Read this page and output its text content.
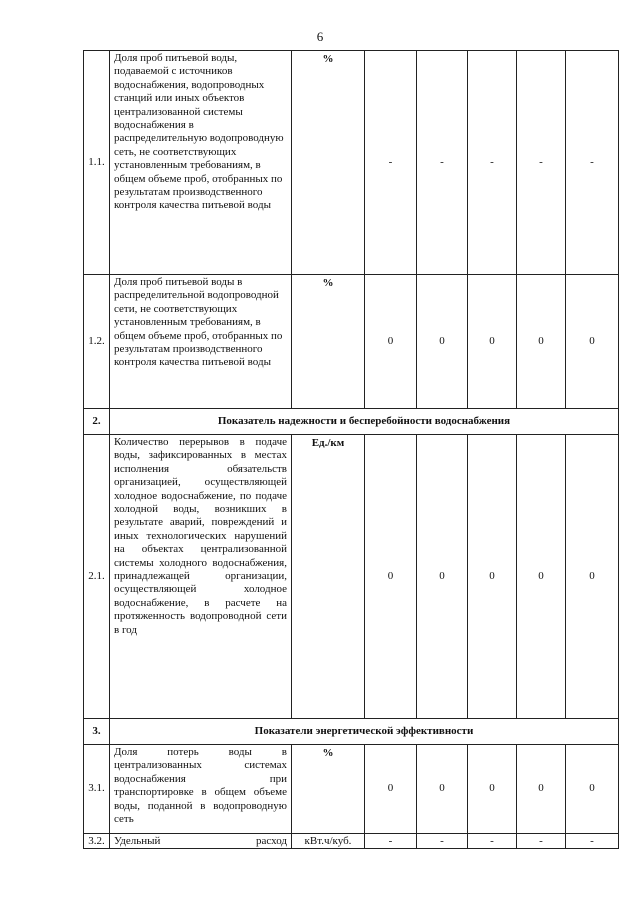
6
1.1.	Доля проб питьевой воды, подаваемой с источников водоснабжения, водопроводных станций или иных объектов централизованной системы водоснабжения в распределительную водопроводную сеть, не соответствующих установленным требованиям, в общем объеме проб, отобранных по результатам производственного контроля качества питьевой воды	%	-	-	-	-	-
1.2.	Доля проб питьевой воды в распределительной водопроводной сети, не соответствующих установленным требованиям, в общем объеме проб, отобранных по результатам производственного контроля качества питьевой воды	%	0	0	0	0	0
2.	Показатель надежности и бесперебойности водоснабжения						
2.1.	Количество перерывов в подаче воды, зафиксированных в местах исполнения обязательств организацией, осуществляющей холодное водоснабжение, по подаче холодной воды, возникших в результате аварий, повреждений и иных технологических нарушений на объектах централизованной системы холодного водоснабжения, принадлежащей организации, осуществляющей холодное водоснабжение, в расчете на протяженность водопроводной сети в год	Ед./км	0	0	0	0	0
3.	Показатели энергетической эффективности						
3.1.	Доля потерь воды в централизованных системах водоснабжения при транспортировке в общем объеме воды, поданной в водопроводную сеть	%	0	0	0	0	0
3.2.	Удельный расход	кВт.ч/куб.	-	-	-	-	-
